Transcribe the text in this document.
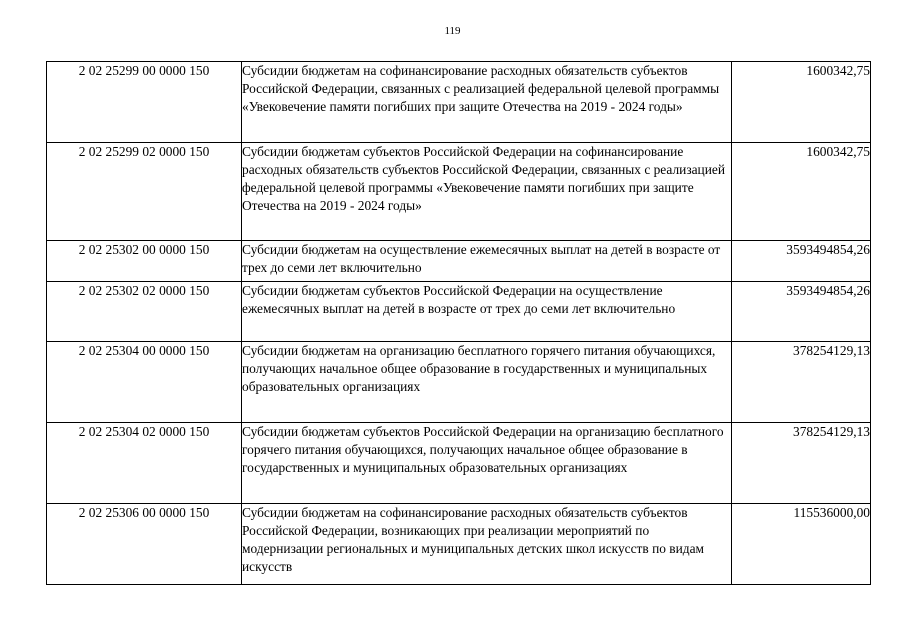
119
2 02 25299 00 0000 150	Субсидии бюджетам на софинансирование расходных обязательств субъектов Российской Федерации, связанных с реализацией федеральной целевой программы «Увековечение памяти погибших при защите Отечества на 2019 - 2024 годы»	1600342,75
2 02 25299 02 0000 150	Субсидии бюджетам субъектов Российской Федерации на софинансирование расходных обязательств субъектов Российской Федерации, связанных с реализацией федеральной целевой программы «Увековечение памяти погибших при защите Отечества на 2019 - 2024 годы»	1600342,75
2 02 25302 00 0000 150	Субсидии бюджетам на осуществление ежемесячных выплат на детей в возрасте от трех до семи лет включительно	3593494854,26
2 02 25302 02 0000 150	Субсидии бюджетам субъектов Российской Федерации на осуществление ежемесячных выплат на детей в возрасте от трех до семи лет включительно	3593494854,26
2 02 25304 00 0000 150	Субсидии бюджетам на организацию бесплатного горячего питания обучающихся, получающих начальное общее образование в государственных и муниципальных образовательных организациях	378254129,13
2 02 25304 02 0000 150	Субсидии бюджетам субъектов Российской Федерации на организацию бесплатного горячего питания обучающихся, получающих начальное общее образование в государственных и муниципальных образовательных организациях	378254129,13
2 02 25306 00 0000 150	Субсидии бюджетам на софинансирование расходных обязательств субъектов Российской Федерации, возникающих при реализации мероприятий по модернизации региональных и муниципальных детских школ искусств по видам искусств	115536000,00
